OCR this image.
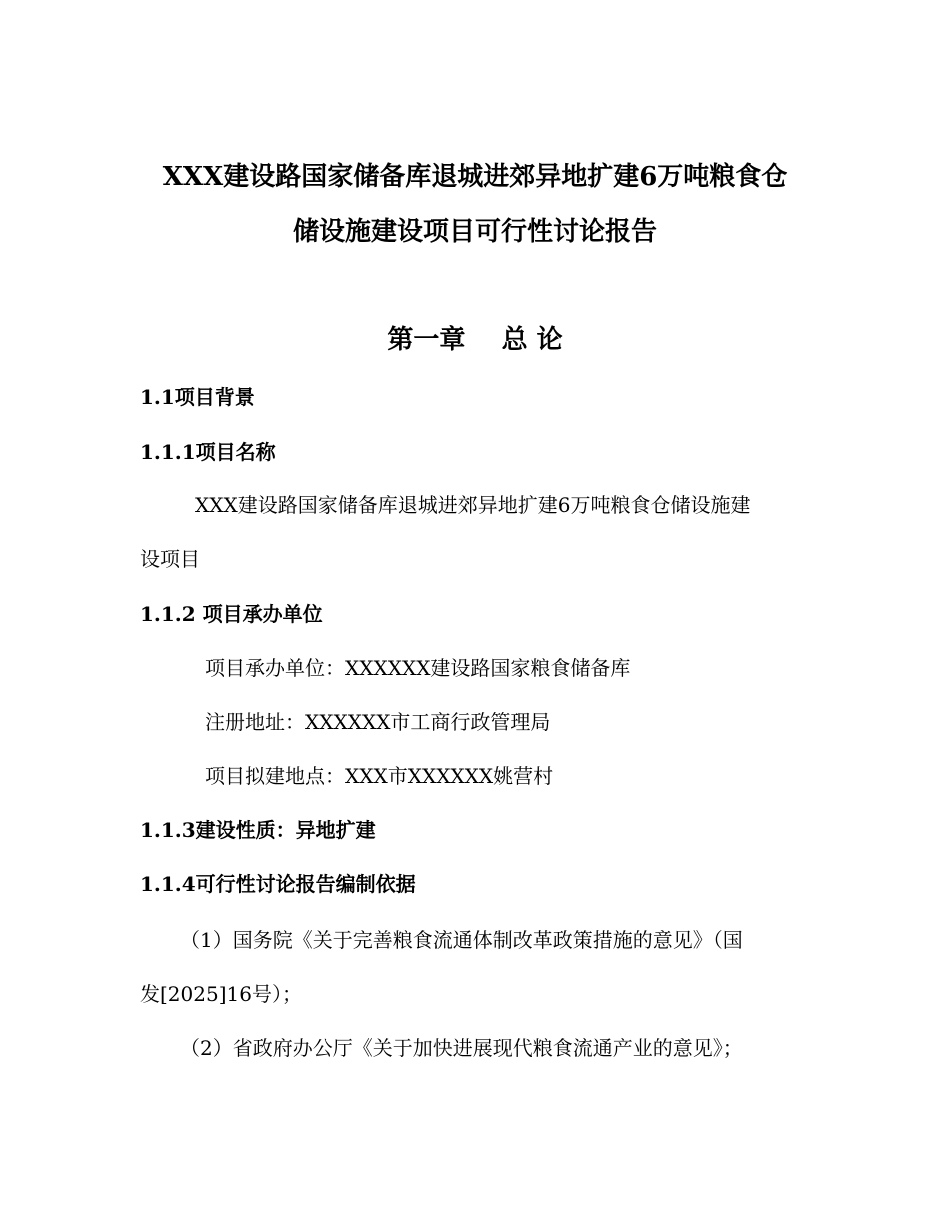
XXX建设路国家储备库退城进郊异地扩建6万吨粮食仓
储设施建设项目可行性讨论报告
第一章    总 论
1.1项目背景
1.1.1项目名称
XXX建设路国家储备库退城进郊异地扩建6万吨粮食仓储设施建
设项目
1.1.2 项目承办单位
项目承办单位：XXXXXX建设路国家粮食储备库
注册地址：XXXXXX市工商行政管理局
项目拟建地点：XXX市XXXXXX姚营村
1.1.3建设性质：异地扩建
1.1.4可行性讨论报告编制依据
（1）国务院《关于完善粮食流通体制改革政策措施的意见》（国
发[2025]16号）；
（2）省政府办公厅《关于加快进展现代粮食流通产业的意见》；
